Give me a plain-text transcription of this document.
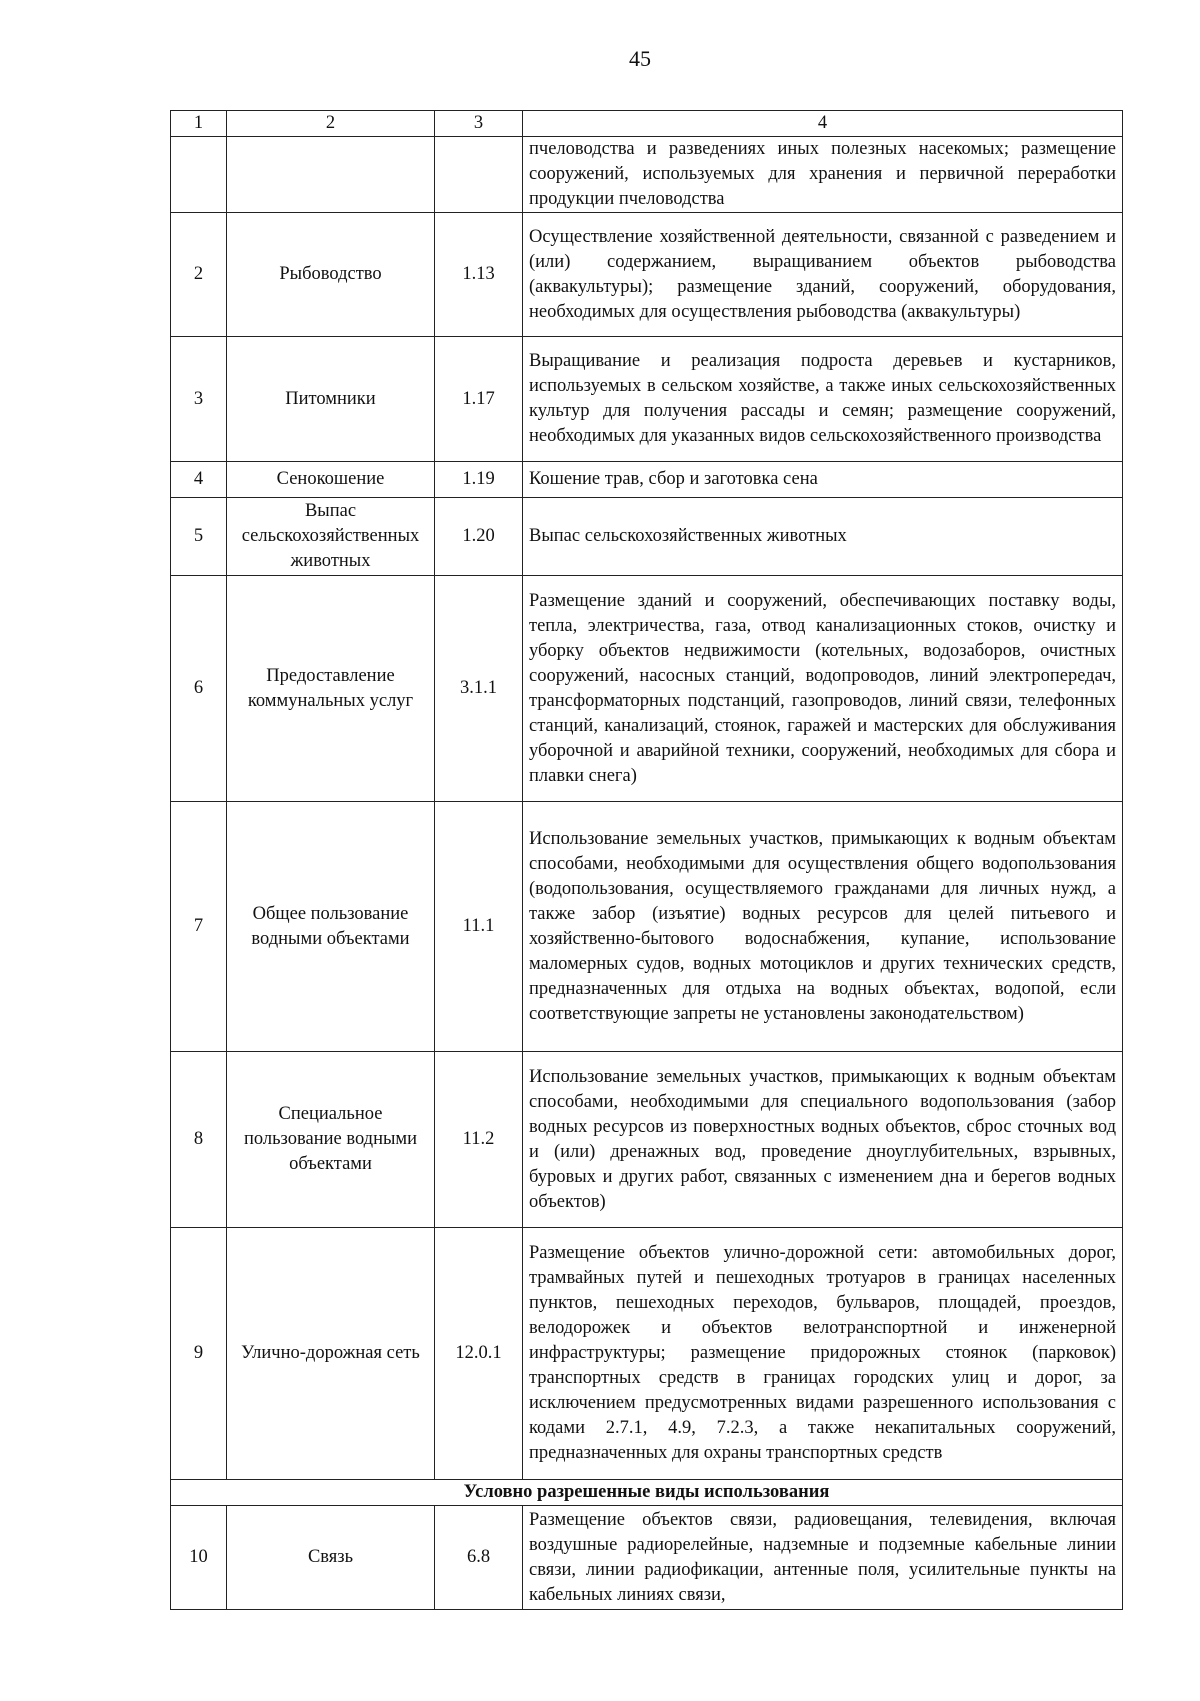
45
1	2	3	4
			пчеловодства и разведениях иных полезных насекомых; размещение сооружений, используемых для хранения и первичной переработки продукции пчеловодства
2	Рыбоводство	1.13	Осуществление хозяйственной деятельности, связанной с разведением и (или) содержанием, выращиванием объектов рыбоводства (аквакультуры); размещение зданий, сооружений, оборудования, необходимых для осуществления рыбоводства (аквакультуры)
3	Питомники	1.17	Выращивание и реализация подроста деревьев и кустарников, используемых в сельском хозяйстве, а также иных сельскохозяйственных культур для получения рассады и семян; размещение сооружений, необходимых для указанных видов сельскохозяйственного производства
4	Сенокошение	1.19	Кошение трав, сбор и заготовка сена
5	Выпас сельскохозяйственных животных	1.20	Выпас сельскохозяйственных животных
6	Предоставление коммунальных услуг	3.1.1	Размещение зданий и сооружений, обеспечивающих поставку воды, тепла, электричества, газа, отвод канализационных стоков, очистку и уборку объектов недвижимости (котельных, водозаборов, очистных сооружений, насосных станций, водопроводов, линий электропередач, трансформаторных подстанций, газопроводов, линий связи, телефонных станций, канализаций, стоянок, гаражей и мастерских для обслуживания уборочной и аварийной техники, сооружений, необходимых для сбора и плавки снега)
7	Общее пользование водными объектами	11.1	Использование земельных участков, примыкающих к водным объектам способами, необходимыми для осуществления общего водопользования (водопользования, осуществляемого гражданами для личных нужд, а также забор (изъятие) водных ресурсов для целей питьевого и хозяйственно-бытового водоснабжения, купание, использование маломерных судов, водных мотоциклов и других технических средств, предназначенных для отдыха на водных объектах, водопой, если соответствующие запреты не установлены законодательством)
8	Специальное пользование водными объектами	11.2	Использование земельных участков, примыкающих к водным объектам способами, необходимыми для специального водопользования (забор водных ресурсов из поверхностных водных объектов, сброс сточных вод и (или) дренажных вод, проведение дноуглубительных, взрывных, буровых и других работ, связанных с изменением дна и берегов водных объектов)
9	Улично-дорожная сеть	12.0.1	Размещение объектов улично-дорожной сети: автомобильных дорог, трамвайных путей и пешеходных тротуаров в границах населенных пунктов, пешеходных переходов, бульваров, площадей, проездов, велодорожек и объектов велотранспортной и инженерной инфраструктуры; размещение придорожных стоянок (парковок) транспортных средств в границах городских улиц и дорог, за исключением предусмотренных видами разрешенного использования с кодами 2.7.1, 4.9, 7.2.3, а также некапитальных сооружений, предназначенных для охраны транспортных средств
Условно разрешенные виды использования			
10	Связь	6.8	Размещение объектов связи, радиовещания, телевидения, включая воздушные радиорелейные, надземные и подземные кабельные линии связи, линии радиофикации, антенные поля, усилительные пункты на кабельных линиях связи,
